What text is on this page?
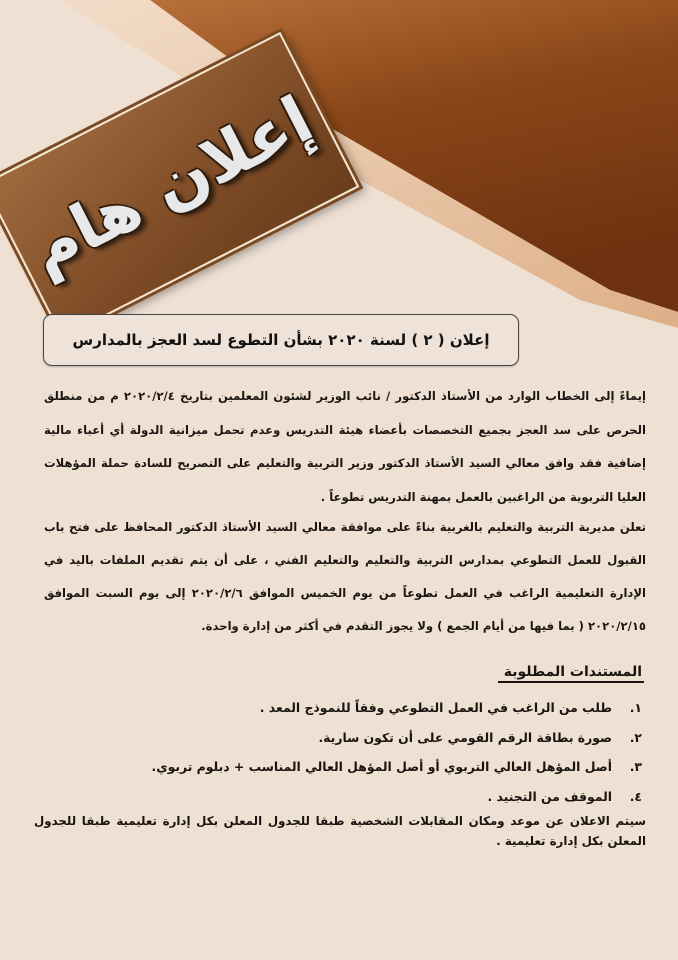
إعلان هام
إعلان ( ٢ ) لسنة ٢٠٢٠ بشأن التطوع لسد العجز بالمدارس
إيماءً إلى الخطاب الوارد من الأستاذ الدكتور / نائب الوزير لشئون المعلمين بتاريخ ٢٠٢٠/٢/٤ م من منطلق الحرص على سد العجز بجميع التخصصات بأعضاء هيئة التدريس وعدم تحمل ميزانية الدولة أي أعباء مالية إضافية فقد وافق معالي السيد الأستاذ الدكتور وزير التربية والتعليم على التصريح للسادة حملة المؤهلات العليا التربوية من الراغبين بالعمل بمهنة التدريس تطوعاً .
تعلن مديرية التربية والتعليم بالغربية بناءً على موافقة معالي السيد الأستاذ الدكتور المحافظ على فتح باب القبول للعمل التطوعي بمدارس التربية والتعليم والتعليم الفني ، على أن يتم تقديم الملفات باليد في الإدارة التعليمية الراغب في العمل تطوعاً من يوم الخميس الموافق ٢٠٢٠/٢/٦ إلى يوم السبت الموافق ٢٠٢٠/٢/١٥ ( بما فيها من أيام الجمع ) ولا يجوز التقدم في أكثر من إدارة واحدة.
المستندات المطلوبة
١.
طلب من الراغب في العمل التطوعي وفقاً للنموذج المعد .
٢.
صورة بطاقة الرقم القومي على أن تكون سارية.
٣.
أصل المؤهل العالي التربوي أو أصل المؤهل العالي المناسب + دبلوم تربوي.
٤.
الموقف من التجنيد .
سيتم الاعلان عن موعد ومكان المقابلات الشخصية طبقا للجدول المعلن بكل إدارة تعليمية طبقا للجدول المعلن بكل إدارة تعليمية .
